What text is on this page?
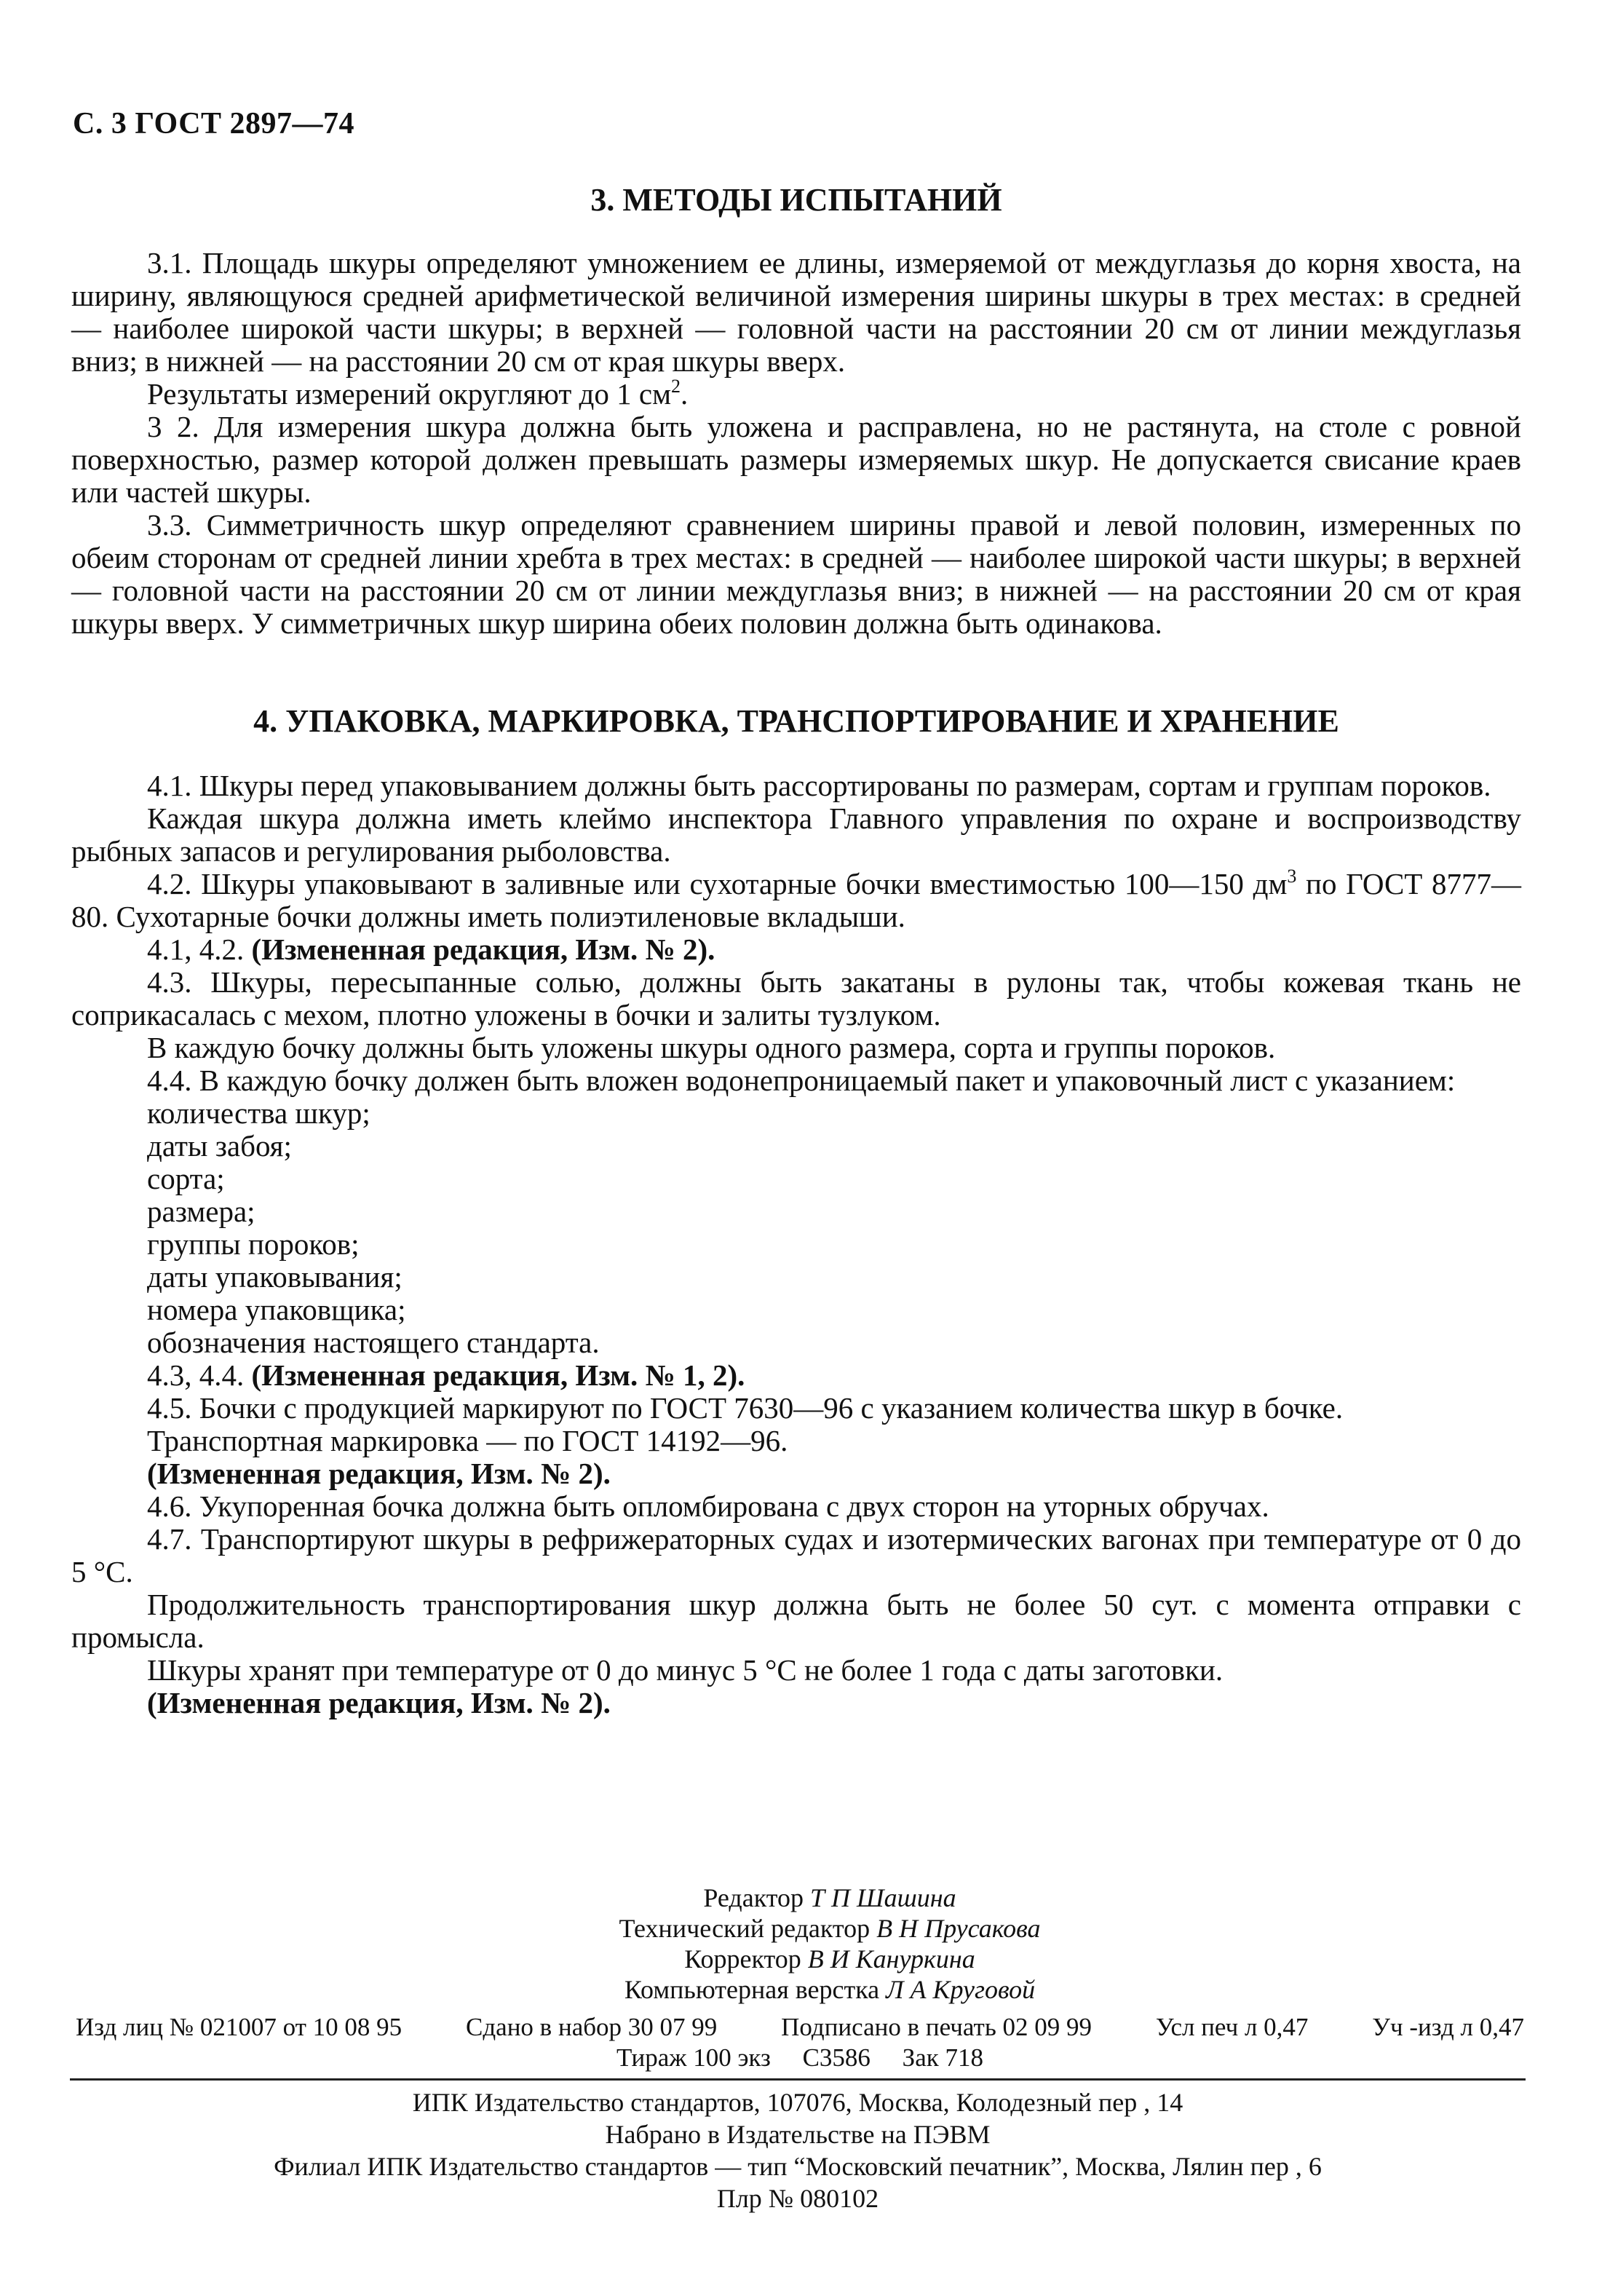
С. 3 ГОСТ 2897—74
3. МЕТОДЫ ИСПЫТАНИЙ

3.1. Площадь шкуры определяют умножением ее длины, измеряемой от междуглазья до корня хвоста, на ширину, являющуюся средней арифметической величиной измерения ширины шкуры в трех местах: в средней — наиболее широкой части шкуры; в верхней — головной части на расстоянии 20 см от линии междуглазья вниз; в нижней — на расстоянии 20 см от края шкуры вверх.

Результаты измерений округляют до 1 $см^2$.

3 2. Для измерения шкура должна быть уложена и расправлена, но не растянута, на столе с ровной поверхностью, размер которой должен превышать размеры измеряемых шкур. Не допускается свисание краев или частей шкуры.

3.3. Симметричность шкур определяют сравнением ширины правой и левой половин, измеренных по обеим сторонам от средней линии хребта в трех местах: в средней — наиболее широкой части шкуры; в верхней — головной части на расстоянии 20 см от линии междуглазья вниз; в нижней — на расстоянии 20 см от края шкуры вверх. У симметричных шкур ширина обеих половин должна быть одинакова.

4. УПАКОВКА, МАРКИРОВКА, ТРАНСПОРТИРОВАНИЕ И ХРАНЕНИЕ

4.1. Шкуры перед упаковыванием должны быть рассортированы по размерам, сортам и группам пороков.

Каждая шкура должна иметь клеймо инспектора Главного управления по охране и воспроизводству рыбных запасов и регулирования рыболовства.

4.2. Шкуры упаковывают в заливные или сухотарные бочки вместимостью 100—150 $дм^3$ по ГОСТ 8777—80. Сухотарные бочки должны иметь полиэтиленовые вкладыши.

4.1, 4.2. (Измененная редакция, Изм. № 2).

4.3. Шкуры, пересыпанные солью, должны быть закатаны в рулоны так, чтобы кожевая ткань не соприкасалась с мехом, плотно уложены в бочки и залиты тузлуком.

В каждую бочку должны быть уложены шкуры одного размера, сорта и группы пороков.

4.4. В каждую бочку должен быть вложен водонепроницаемый пакет и упаковочный лист с указанием:

количества шкур;
даты забоя;
сорта;
размера;
группы пороков;
даты упаковывания;
номера упаковщика;
обозначения настоящего стандарта.

4.3, 4.4. (Измененная редакция, Изм. № 1, 2).

4.5. Бочки с продукцией маркируют по ГОСТ 7630—96 с указанием количества шкур в бочке.

Транспортная маркировка — по ГОСТ 14192—96.

(Измененная редакция, Изм. № 2).

4.6. Укупоренная бочка должна быть опломбирована с двух сторон на уторных обручах.

4.7. Транспортируют шкуры в рефрижераторных судах и изотермических вагонах при температуре от 0 до 5 °С.

Продолжительность транспортирования шкур должна быть не более 50 сут. с момента отправки с промысла.

Шкуры хранят при температуре от 0 до минус 5 °С не более 1 года с даты заготовки.

(Измененная редакция, Изм. № 2).

Редактор Т П Шашина
Технический редактор В Н Прусакова
Корректор В И Кануркина
Компьютерная верстка Л А Круговой
Изд лиц № 021007 от 10 08 95	Сдано в набор 30 07 99	Подписано в печать 02 09 99	Усл печ л 0,47	Уч -изд л 0,47
Тираж 100 экз     С3586     Зак 718
ИПК Издательство стандартов, 107076, Москва, Колодезный пер , 14
Набрано в Издательстве на ПЭВМ
Филиал ИПК Издательство стандартов — тип “Московский печатник”, Москва, Лялин пер , 6
Плр № 080102
